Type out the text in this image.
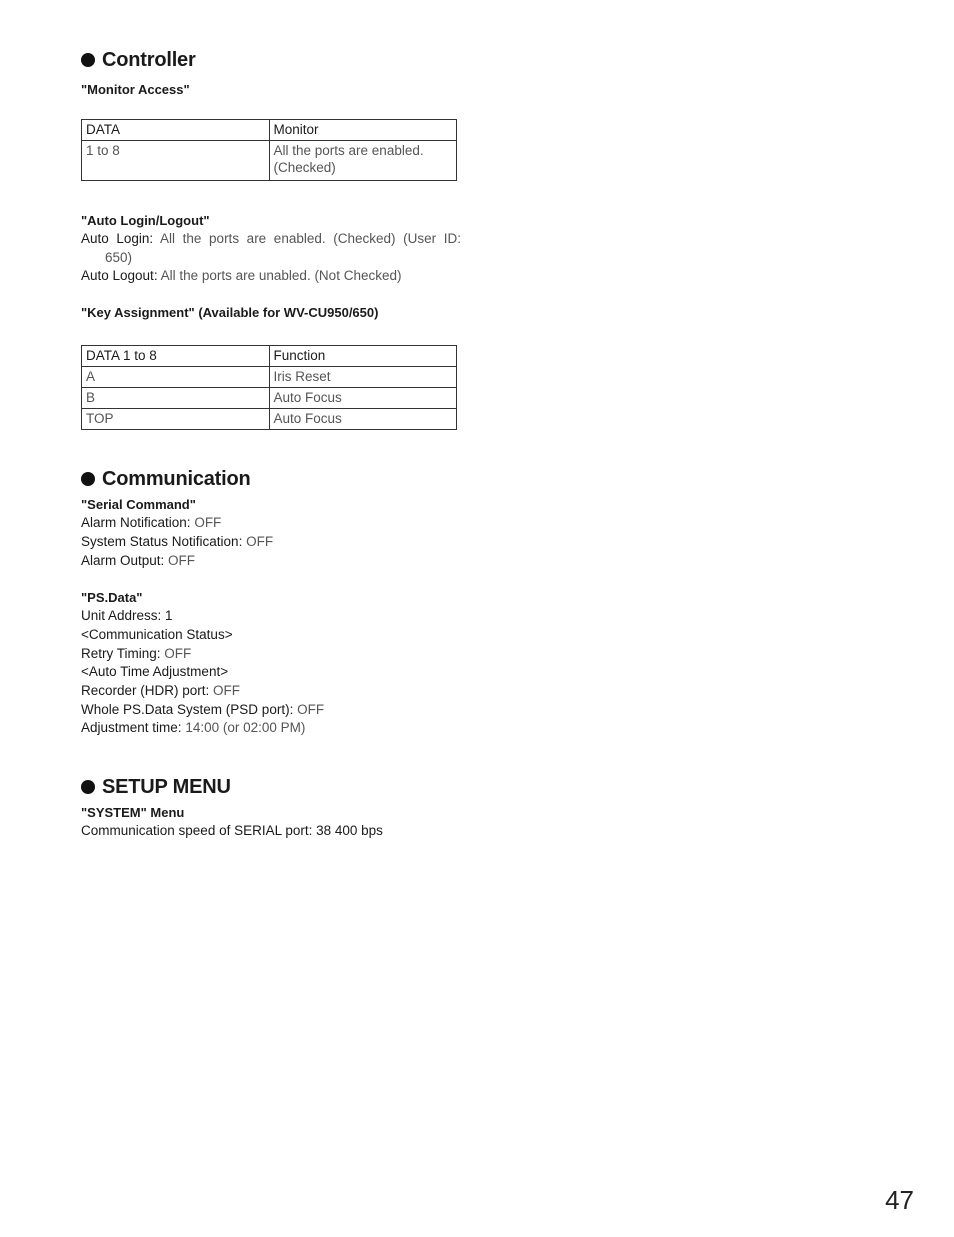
Controller

"Monitor Access"

DATA	Monitor
1 to 8	All the ports are enabled. (Checked)

"Auto Login/Logout"

Auto Login: All the ports are enabled. (Checked) (User ID:

650)

Auto Logout: All the ports are unabled. (Not Checked)

"Key Assignment" (Available for WV-CU950/650)

DATA 1 to 8	Function
A	Iris Reset
B	Auto Focus
TOP	Auto Focus
Communication

"Serial Command"

Alarm Notification: OFF

System Status Notification: OFF

Alarm Output: OFF

"PS.Data"

Unit Address: 1

<Communication Status>

Retry Timing: OFF

<Auto Time Adjustment>

Recorder (HDR) port: OFF

Whole PS.Data System (PSD port): OFF

Adjustment time: 14:00 (or 02:00 PM)

SETUP MENU

"SYSTEM" Menu

Communication speed of SERIAL port: 38 400 bps

47
